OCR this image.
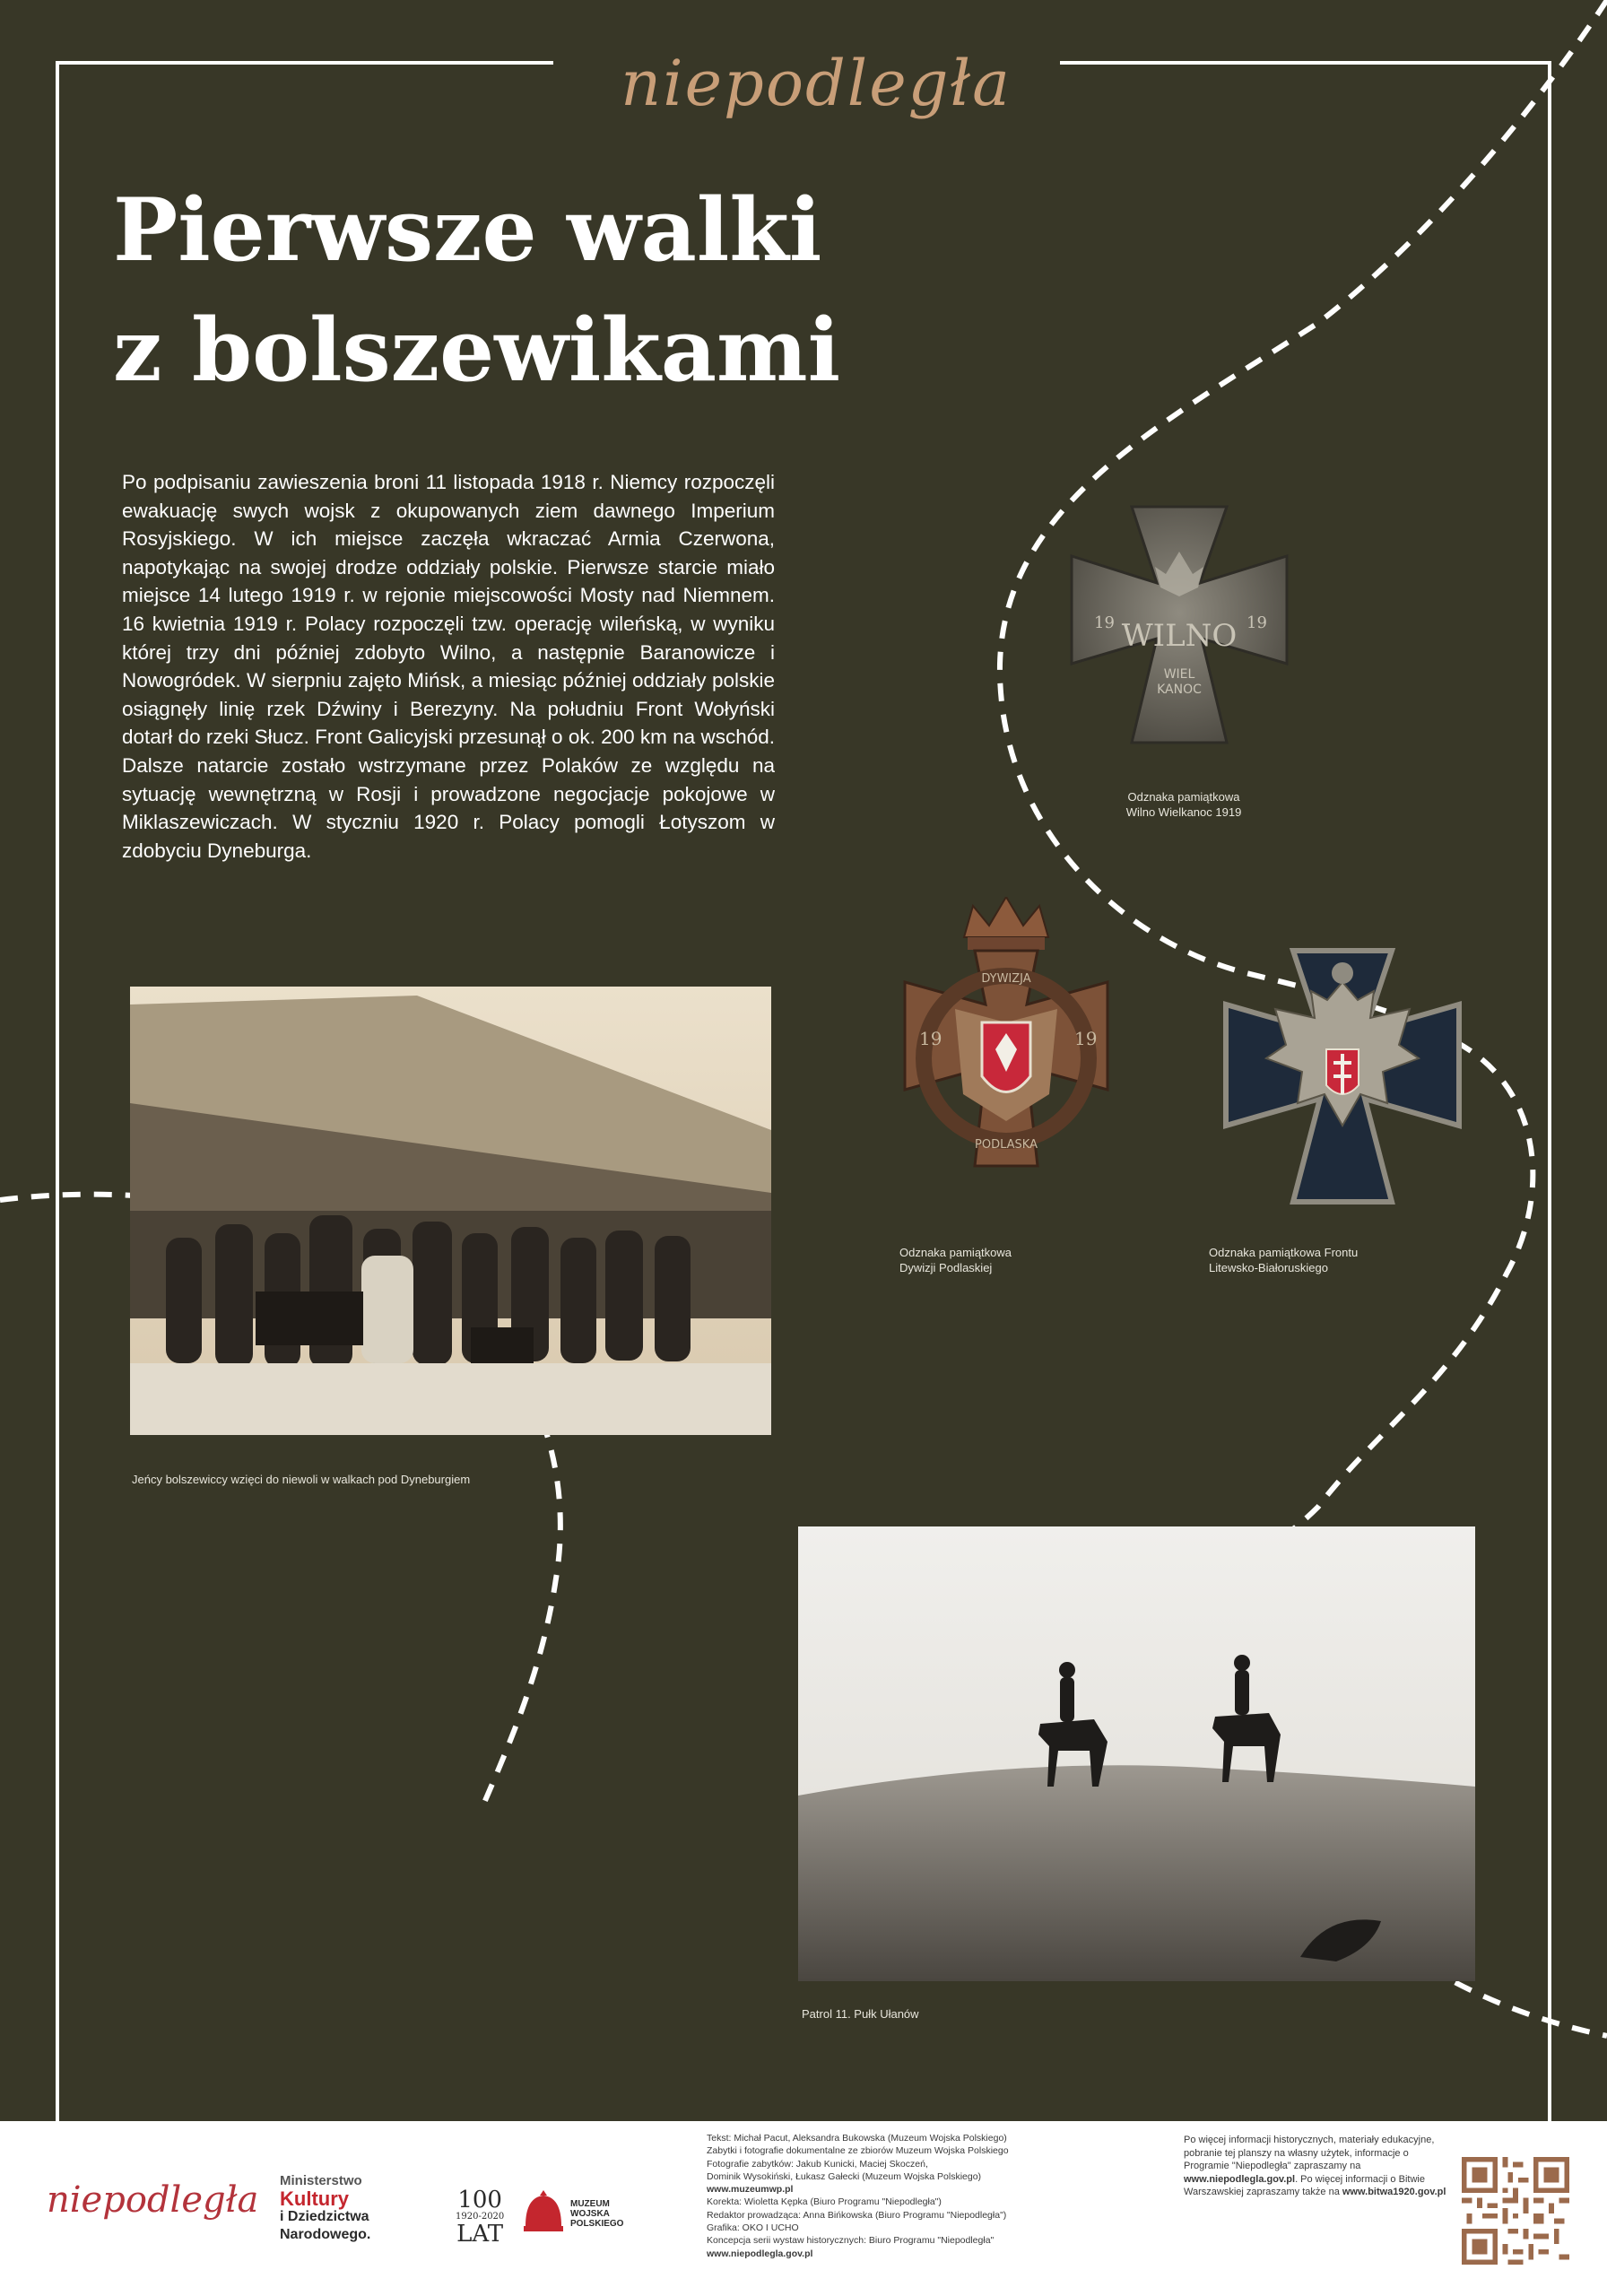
niepodległa
Pierwsze walki
z bolszewikami

Po podpisaniu zawieszenia broni 11 listopada 1918 r. Niemcy rozpoczęli ewakuację swych wojsk z okupowanych ziem dawnego Imperium Rosyjskiego. W ich miejsce zaczęła wkraczać Armia Czerwona, napotykając na swojej drodze oddziały polskie. Pierwsze starcie miało miejsce 14 lutego 1919 r. w rejonie miejscowości Mosty nad Niemnem. 16 kwietnia 1919 r. Polacy rozpoczęli tzw. operację wileńską, w wyniku której trzy dni później zdobyto Wilno, a następnie Baranowicze i Nowogródek. W sierpniu zajęto Mińsk, a miesiąc później oddziały polskie osiągnęły linię rzek Dźwiny i Berezyny. Na południu Front Wołyński dotarł do rzeki Słucz. Front Galicyjski przesunął o ok. 200 km na wschód. Dalsze natarcie zostało wstrzymane przez Polaków ze względu na sytuację wewnętrzną w Rosji i prowadzone negocjacje pokojowe w Miklaszewiczach. W styczniu 1920 r. Polacy pomogli Łotyszom w zdobyciu Dyneburga.

WILNO
19	19
WIEL
KANOC
Odznaka pamiątkowa
Wilno Wielkanoc 1919
DYWIZJA
PODLASKA
19	19
Odznaka pamiątkowa
Dywizji Podlaskiej
Odznaka pamiątkowa Frontu
Litewsko-Białoruskiego
Jeńcy bolszewiccy wzięci do niewoli w walkach pod Dyneburgiem
Patrol 11. Pułk Ułanów
niepodległa Ministerstwo
Kultury
i Dziedzictwa
Narodowego.
100
1920-2020
LAT
MUZEUM
WOJSKA
POLSKIEGO
Tekst: Michał Pacut, Aleksandra Bukowska (Muzeum Wojska Polskiego)
Zabytki i fotografie dokumentalne ze zbiorów Muzeum Wojska Polskiego
Fotografie zabytków: Jakub Kunicki, Maciej Skoczeń,
Dominik Wysokiński, Łukasz Gałecki (Muzeum Wojska Polskiego)
www.muzeumwp.pl
Korekta: Wioletta Kępka (Biuro Programu "Niepodległa")
Redaktor prowadząca: Anna Bińkowska (Biuro Programu "Niepodległa")
Grafika: OKO I UCHO
Koncepcja serii wystaw historycznych: Biuro Programu "Niepodległa"
www.niepodlegla.gov.pl
Po więcej informacji historycznych, materiały edukacyjne, pobranie tej planszy na własny użytek, informacje o Programie "Niepodległa" zapraszamy na www.niepodlegla.gov.pl. Po więcej informacji o Bitwie Warszawskiej zapraszamy także na www.bitwa1920.gov.pl
